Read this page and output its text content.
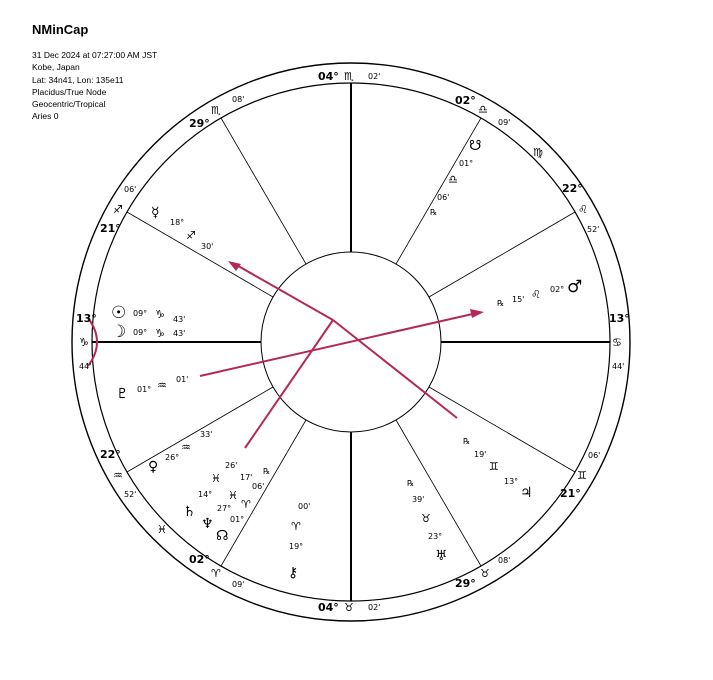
NMinCap
31 Dec 2024 at 07:27:00 AM JST
Kobe, Japan
Lat: 34n41, Lon: 135e11
Placidus/True Node
Geocentric/Tropical
Aries 0
04° ♏ 02'
04° ♉ 02'
13°
♑
44'
13°
♋
44'
29°
♏
08'
21°
♐
06'
22°
♒
52'
02°
♈
09'	29°
♉
08'
21°
♊
06'
22°
♌
52'
02°
♎
09'
♍
♓
☉ 09° ♑ 43'
☽ 09° ♑ 43'
♇ 01° ♒ 01'
♀
26°
♒
33'
♄
14°
♓
26'
♆
27°
♓
17'
☊
01°
♈
06'
℞
⚷
19°
♈
00'
♅
23°
♉
39'
℞
♃
13°
♊
19'
℞
♂
02°
♌
15'
℞
☋
01°
♎
06'
℞
☿
18°
♐
30'
